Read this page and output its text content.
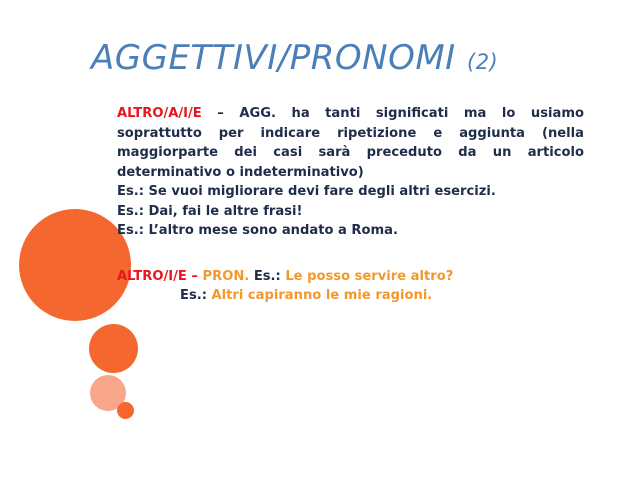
AGGETTIVI/PRONOMI (2)

ALTRO/A/I/E – AGG. ha tanti significati ma lo usiamo soprattutto per indicare ripetizione e aggiunta (nella maggiorparte dei casi sarà preceduto da un articolo determinativo o indeterminativo)

Es.: Se vuoi migliorare devi fare degli altri esercizi.

Es.: Dai, fai le altre frasi!

Es.: L’altro mese sono andato a Roma.

ALTRO/I/E – PRON. Es.: Le posso servire altro?

Es.: Altri capiranno le mie ragioni.
